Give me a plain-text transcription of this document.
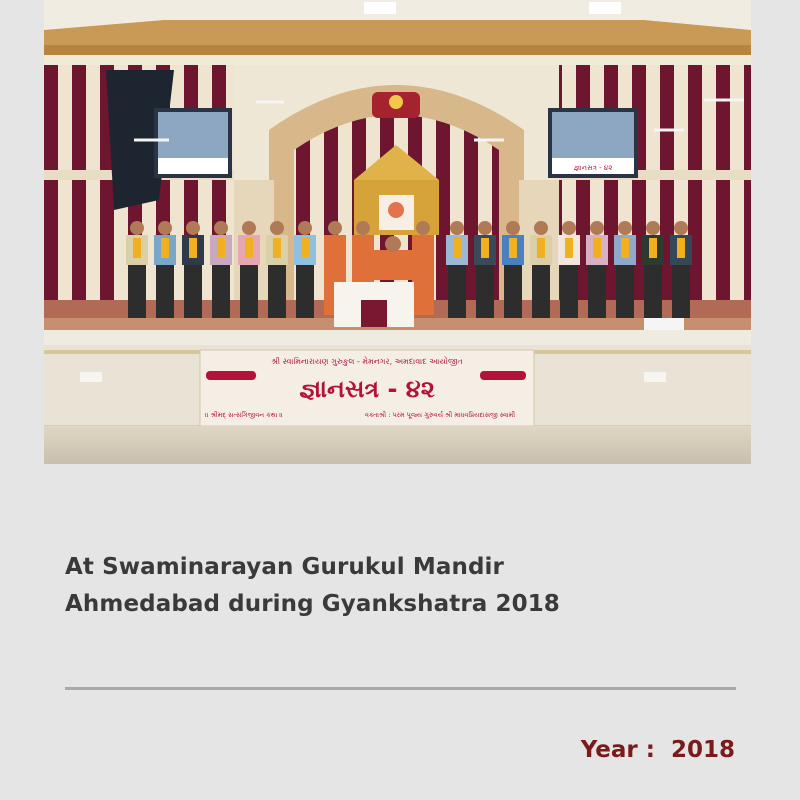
જ્ઞાનસત્ર - ૪૨
શ્રી સ્વામિનારાયણ ગુરુકુલ - મેમનગર, અમદાવાદ આયોજીત
જ્ઞાનસત્ર - ૪૨
॥ શ્રીમદ્ સત્સંગિજીવન કથા ॥	વક્તાશ્રી : પરમ પૂજ્ય ગુરુવર્ય શ્રી માધવપ્રિયદાસજી સ્વામી
At Swaminarayan Gurukul Mandir
Ahmedabad during Gyankshatra 2018
Year :  2018
